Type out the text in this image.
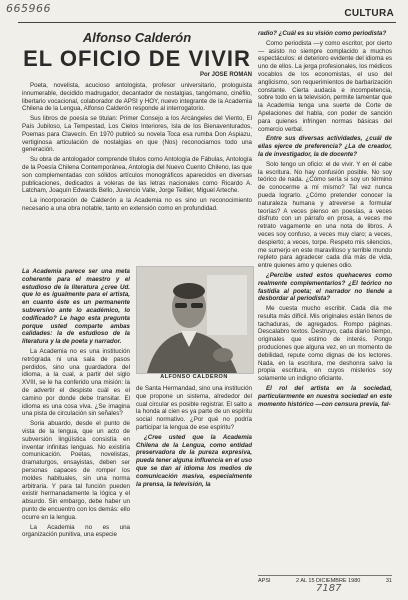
665966	CULTURA
Alfonso Calderón
EL OFICIO DE VIVIR
Por JOSE ROMAN

Poeta, novelista, acucioso antologista, profesor universitario, prologuista innumerable, decidido madrugador, decantador de nostalgias, tangómano, cinéfilo, libertario vocacional, colaborador de APSI y HOY, nuevo integrante de la Academia Chilena de la Lengua, Alfonso Calderón responde al interrogatorio.

Sus libros de poesía se titulan: Primer Consejo a los Arcángeles del Viento, El País Jubiloso, La Tempestad, Los Cielos Interiores, Isla de los Bienaventurados, Poemas para Clavecín. En 1970 publicó su novela Toca esa rumba Don Aspiazu, vertiginosa articulación de nostalgias en que (Nos) reconociamos todo una generación.

Su obra de antologador comprende títulos como Antología de Fábulas, Antología de la Poesía Chilena Contemporánea, Antología del Nuevo Cuento Chileno, las que son complementadas con sólidos artículos monográficos aparecidos en diversas publicaciones, dedicados a voleras de las letras nacionales como Ricardo A. Latcham, Joaquín Edwards Bello, Juvencio Valle, Jorge Teillier, Miguel Arteche.

La incorporación de Calderón a la Academia no es sino un reconocimiento necesario a una obra notable, tanto en extensión como en profundidad.

La Academia parece ser una meta coherente para el maestro y el estudioso de la literatura ¿cree Ud. que lo es igualmente para el artista, en cuanto éste es un permanente subversivo ante lo académico, lo codificado? Le hago esta pregunta porque usted comparte ambas calidades: la de estudioso de la literatura y la de poeta y narrador.

La Academia no es una institución retrógrada ni una sala de pasos perdidos, sino una guardadora del idioma, a la cual, a partir del siglo XVIII, se le ha conferido una misión: la de advertir el despiste cuál es el camino por donde debe transitar. El idioma es una cosa viva. ¿Se imagina una pista de circulación sin señales?

Soria abuardo, desde el punto de vista de la lengua, que un acto de subversión lingüística consistía en inventar infinitas lenguas. No existiría comunicación. Poetas, novelistas, dramaturgos, ensayistas, deben ser personas capaces de romper los moldes habituales, sin una norma arbitraria. Y para tal función pueden existir hermanadamente la lógica y el absurdo. Sin embargo, debe haber un punto de encuentro con los demás: ello ocurre en la lengua.

La Academia no es una organización punitiva, una especie

ALFONSO CALDERON

de Santa Hermandad, sino una institución que propone un sistema, alrededor del cual circular es posible registrar. El salto a la honda al cien es ya parte de un espíritu social normativo. ¿Por qué no podría participar la lengua de ese espíritu?

¿Cree usted que la Academia Chilena de la Lengua, como entidad preservadora de la pureza expresiva, pueda tener alguna influencia en el uso que se dan al idioma los medios de comunicación masiva, especialmente la prensa, la televisión, la

radio? ¿Cuál es su visión como periodista?

Como periodista —y como escritor, por cierto— asisto no siempre complacido a muchos espectáculos: el deterioro evidente del idioma es uno de ellos. La jerga profesionales, los médicos vocablos de los economistas, el uso del anglicismo, son requerimientos de barbarización constante. Cierta audacia e incompetencia, sobre todo en la televisión, permite lamentar que la Academia tenga una suerte de Corte de Apelaciones del habla, con poder de sanción para quienes infringen normas básicas del comercio verbal.

Entre sus diversas actividades, ¿cuál de ellas ejerce de preferencia? ¿La de creador, la de investigador, la de docente?

Solo tengo un oficio: el de vivir. Y en él cabe la escritura. No hay confusión posible. No soy teórico de nada. ¿Cómo sería si soy un término de conocerme a mí mismo? Tal vez nunca pueda lograrlo. ¿Cómo pretender conocer la naturaleza humana y atreverse a formular teorías? A veces pienso en poesías, a veces disfruto con un párrafo en prosa, a veces me retrato vagamente en una nota de libros. A veces soy confuso, a veces muy claro; a veces, despierto; a veces, torpe. Respeto mis silencios, me sumerjo en este maravilloso y terrible mundo repleto para agradecer cada día más de vida, entre quienes amo y quienes odio.

¿Percibe usted estos quehaceres como realmente complementarios? ¿El teórico no fastidia al poeta; el narrador no tiende a desbordar al periodista?

Me cuesta mucho escribir. Cada día me resulta más difícil. Mis originales están llenos de tachaduras, de agregados. Rompo páginas. Descalabro textos. Destruyo, cada diario tiempo, originales que estimo de interés. Pongo produciones que alguna vez, en un momento de debilidad, repute como dignas de los lectores. Nada, en la escritura, me deshonra salvo la propia escritura, en cuyos misterios soy solamente un indigno oficiante.

El rol del artista en la sociedad, particularmente en nuestra sociedad en este momento histórico —con censura previa, fal-

APSI	2 AL 15 DICIEMBRE 1980	31
7187
